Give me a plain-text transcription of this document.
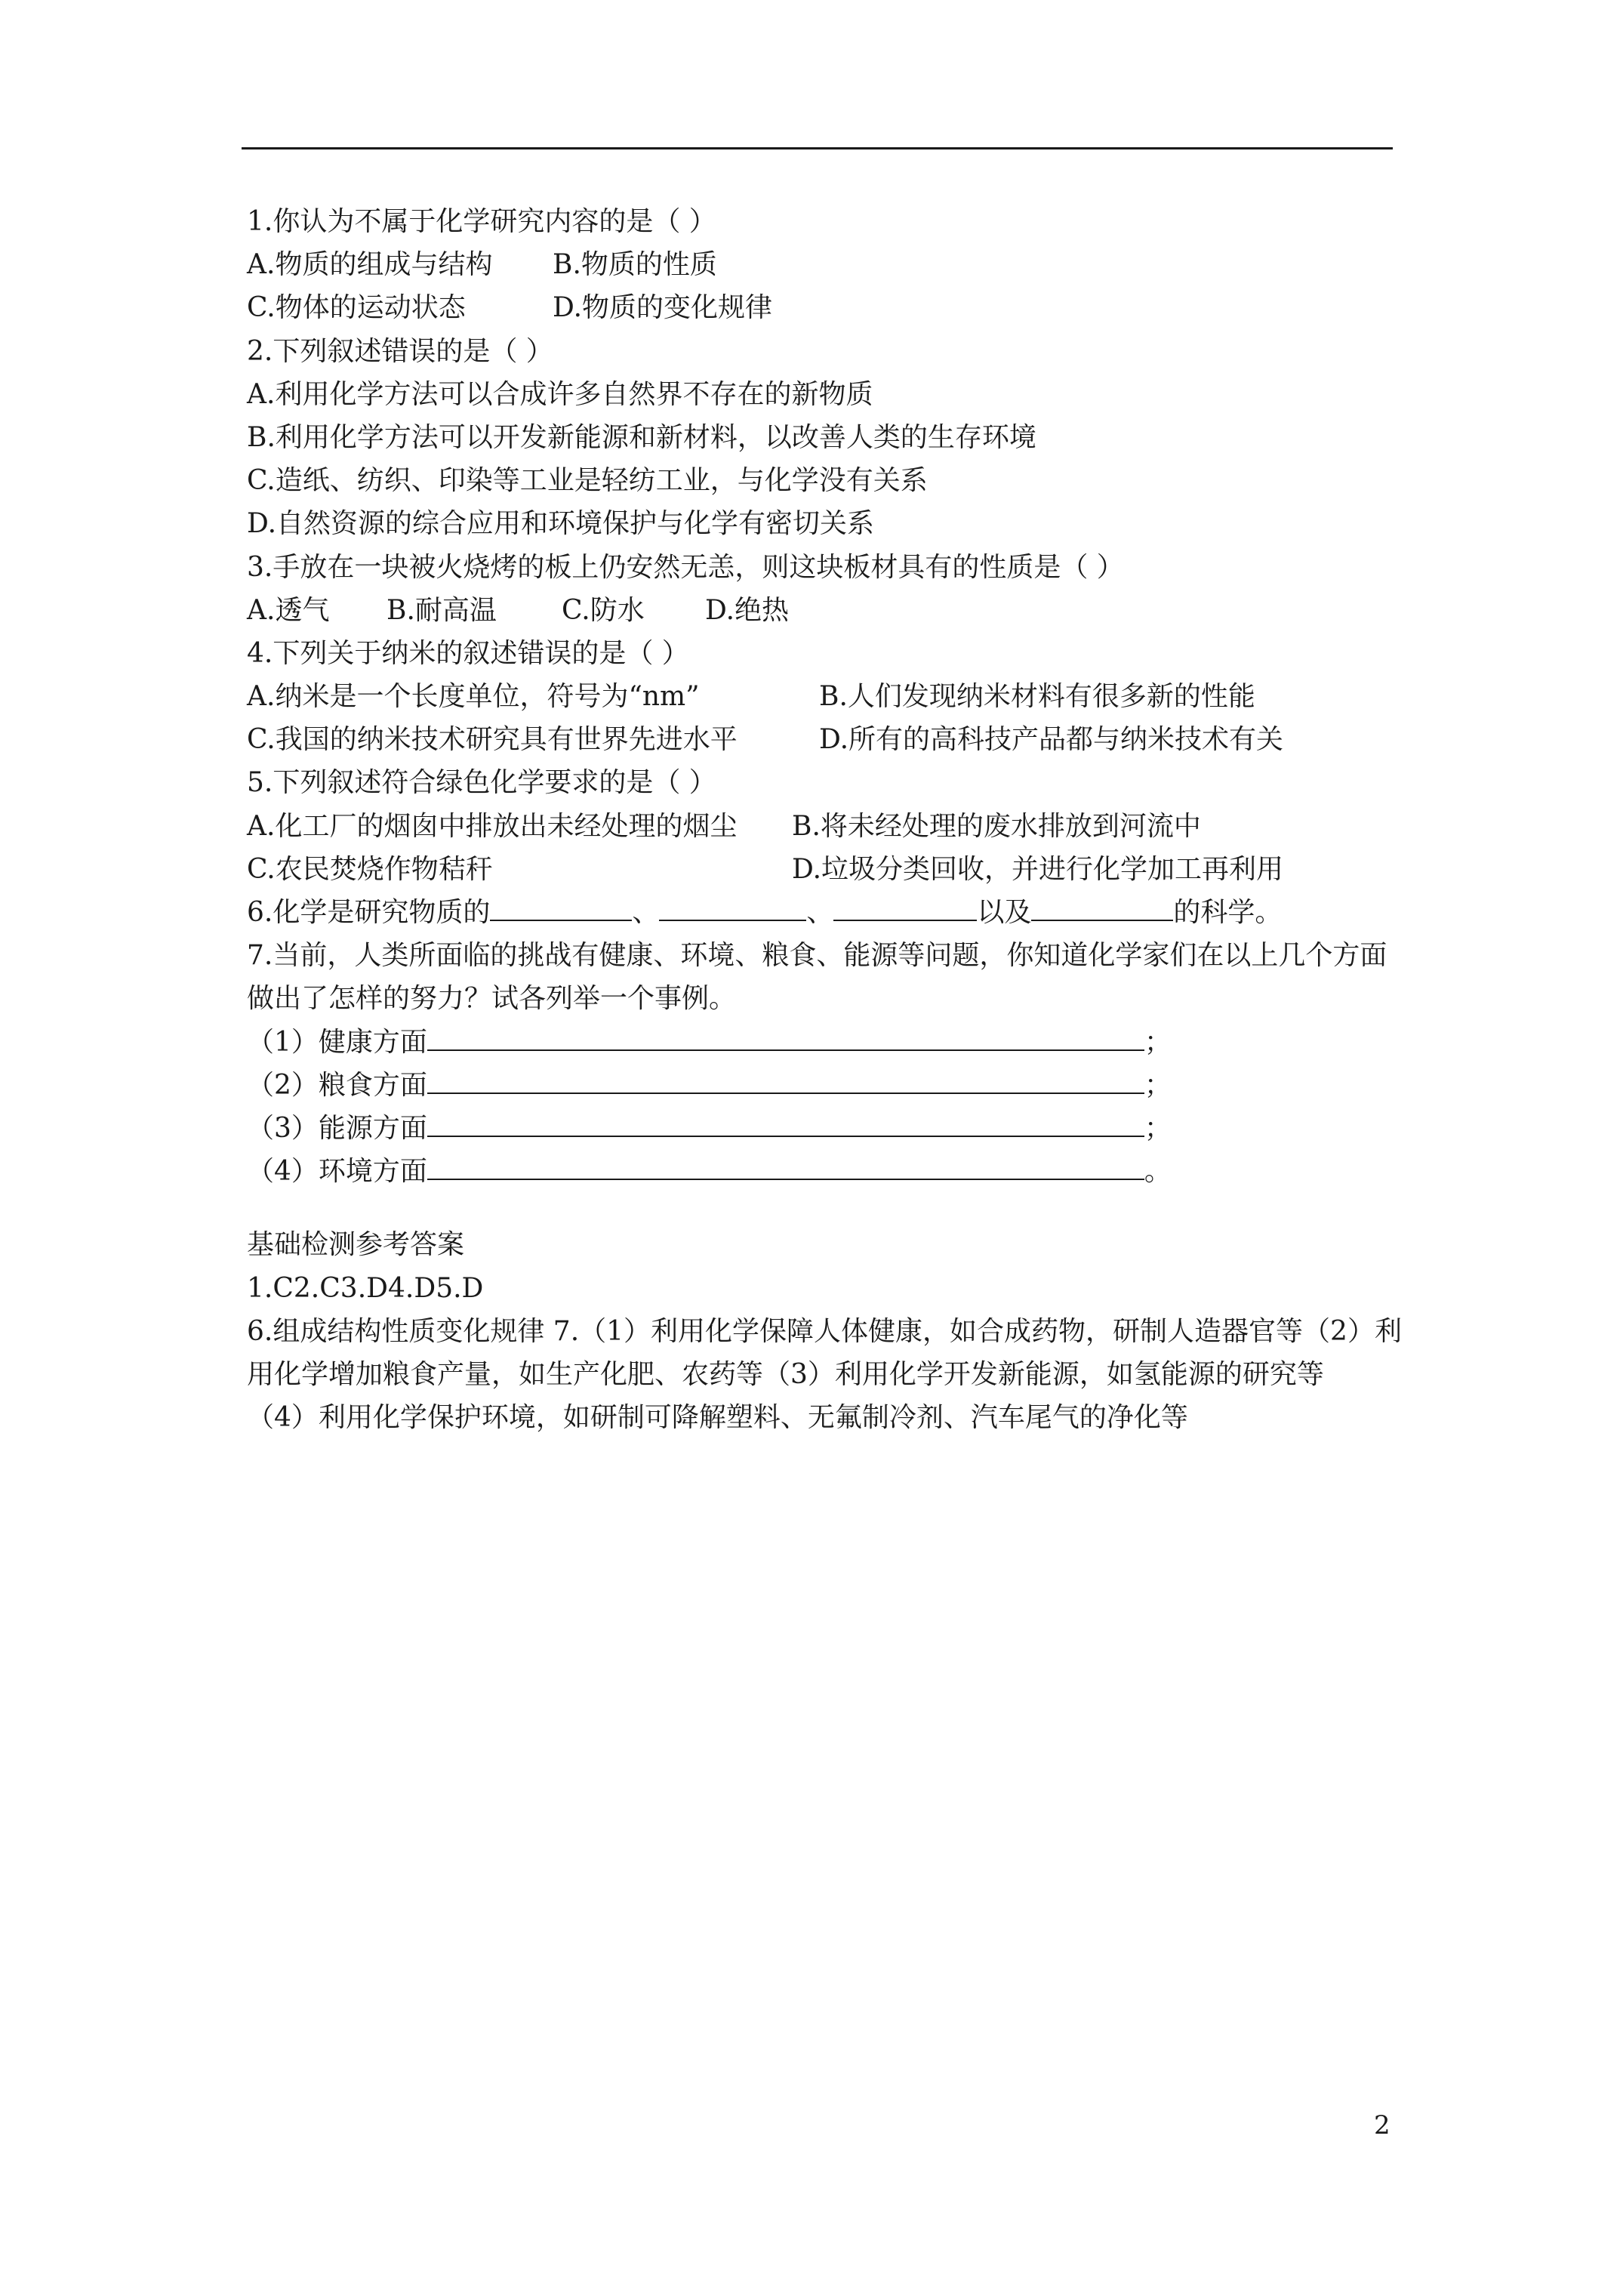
1.你认为不属于化学研究内容的是（ ）
A.物质的组成与结构 B.物质的性质
C.物体的运动状态	D.物质的变化规律
2.下列叙述错误的是（ ）
A.利用化学方法可以合成许多自然界不存在的新物质
B.利用化学方法可以开发新能源和新材料，以改善人类的生存环境
C.造纸、纺织、印染等工业是轻纺工业，与化学没有关系
D.自然资源的综合应用和环境保护与化学有密切关系
3.手放在一块被火烧烤的板上仍安然无恙，则这块板材具有的性质是（ ）
A.透气 B.耐高温 C.防水 D.绝热
4.下列关于纳米的叙述错误的是（ ）
A.纳米是一个长度单位，符号为“nm”	B.人们发现纳米材料有很多新的性能
C.我国的纳米技术研究具有世界先进水平	D.所有的高科技产品都与纳米技术有关
5.下列叙述符合绿色化学要求的是（ ）
A.化工厂的烟囱中排放出未经处理的烟尘 B.将未经处理的废水排放到河流中
C.农民焚烧作物秸秆	D.垃圾分类回收，并进行化学加工再利用
6.化学是研究物质的	、	、	以及	的科学。
7.当前，人类所面临的挑战有健康、环境、粮食、能源等问题，你知道化学家们在以上几个方面做出了怎样的努力？试各列举一个事例。
（1）健康方面	；
（2）粮食方面	；
（3）能源方面	；
（4）环境方面	。
基础检测参考答案
1.C2.C3.D4.D5.D
6.组成结构性质变化规律 7.（1）利用化学保障人体健康，如合成药物，研制人造器官等（2）利用化学增加粮食产量，如生产化肥、农药等（3）利用化学开发新能源，如氢能源的研究等
（4）利用化学保护环境，如研制可降解塑料、无氟制冷剂、汽车尾气的净化等
2
